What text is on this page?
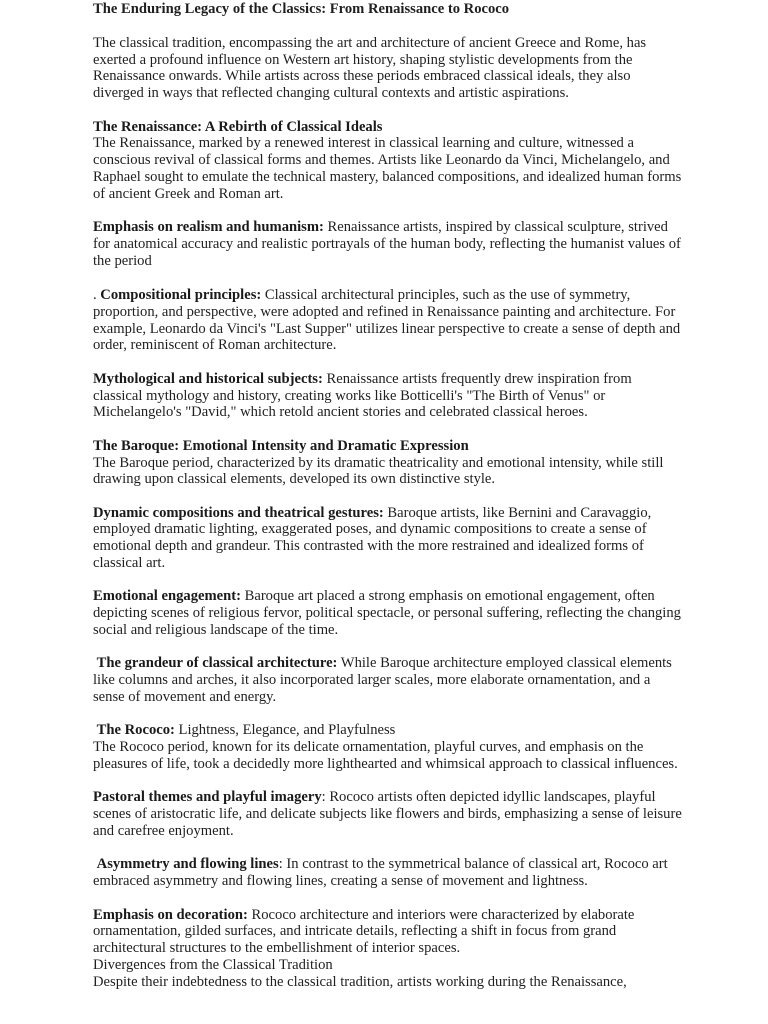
The Enduring Legacy of the Classics: From Renaissance to Rococo

The classical tradition, encompassing the art and architecture of ancient Greece and Rome, has exerted a profound influence on Western art history, shaping stylistic developments from the Renaissance onwards. While artists across these periods embraced classical ideals, they also diverged in ways that reflected changing cultural contexts and artistic aspirations.

The Renaissance: A Rebirth of Classical Ideals

The Renaissance, marked by a renewed interest in classical learning and culture, witnessed a conscious revival of classical forms and themes. Artists like Leonardo da Vinci, Michelangelo, and Raphael sought to emulate the technical mastery, balanced compositions, and idealized human forms of ancient Greek and Roman art.

Emphasis on realism and humanism: Renaissance artists, inspired by classical sculpture, strived for anatomical accuracy and realistic portrayals of the human body, reflecting the humanist values of the period

. Compositional principles: Classical architectural principles, such as the use of symmetry, proportion, and perspective, were adopted and refined in Renaissance painting and architecture. For example, Leonardo da Vinci's "Last Supper" utilizes linear perspective to create a sense of depth and order, reminiscent of Roman architecture.

Mythological and historical subjects: Renaissance artists frequently drew inspiration from classical mythology and history, creating works like Botticelli's "The Birth of Venus" or Michelangelo's "David," which retold ancient stories and celebrated classical heroes.

The Baroque: Emotional Intensity and Dramatic Expression

The Baroque period, characterized by its dramatic theatricality and emotional intensity, while still drawing upon classical elements, developed its own distinctive style.

Dynamic compositions and theatrical gestures: Baroque artists, like Bernini and Caravaggio, employed dramatic lighting, exaggerated poses, and dynamic compositions to create a sense of emotional depth and grandeur. This contrasted with the more restrained and idealized forms of classical art.

Emotional engagement: Baroque art placed a strong emphasis on emotional engagement, often depicting scenes of religious fervor, political spectacle, or personal suffering, reflecting the changing social and religious landscape of the time.

The grandeur of classical architecture: While Baroque architecture employed classical elements like columns and arches, it also incorporated larger scales, more elaborate ornamentation, and a sense of movement and energy.

The Rococo: Lightness, Elegance, and Playfulness

The Rococo period, known for its delicate ornamentation, playful curves, and emphasis on the pleasures of life, took a decidedly more lighthearted and whimsical approach to classical influences.

Pastoral themes and playful imagery: Rococo artists often depicted idyllic landscapes, playful scenes of aristocratic life, and delicate subjects like flowers and birds, emphasizing a sense of leisure and carefree enjoyment.

Asymmetry and flowing lines: In contrast to the symmetrical balance of classical art, Rococo art embraced asymmetry and flowing lines, creating a sense of movement and lightness.

Emphasis on decoration: Rococo architecture and interiors were characterized by elaborate ornamentation, gilded surfaces, and intricate details, reflecting a shift in focus from grand architectural structures to the embellishment of interior spaces.

Divergences from the Classical Tradition

Despite their indebtedness to the classical tradition, artists working during the Renaissance,
